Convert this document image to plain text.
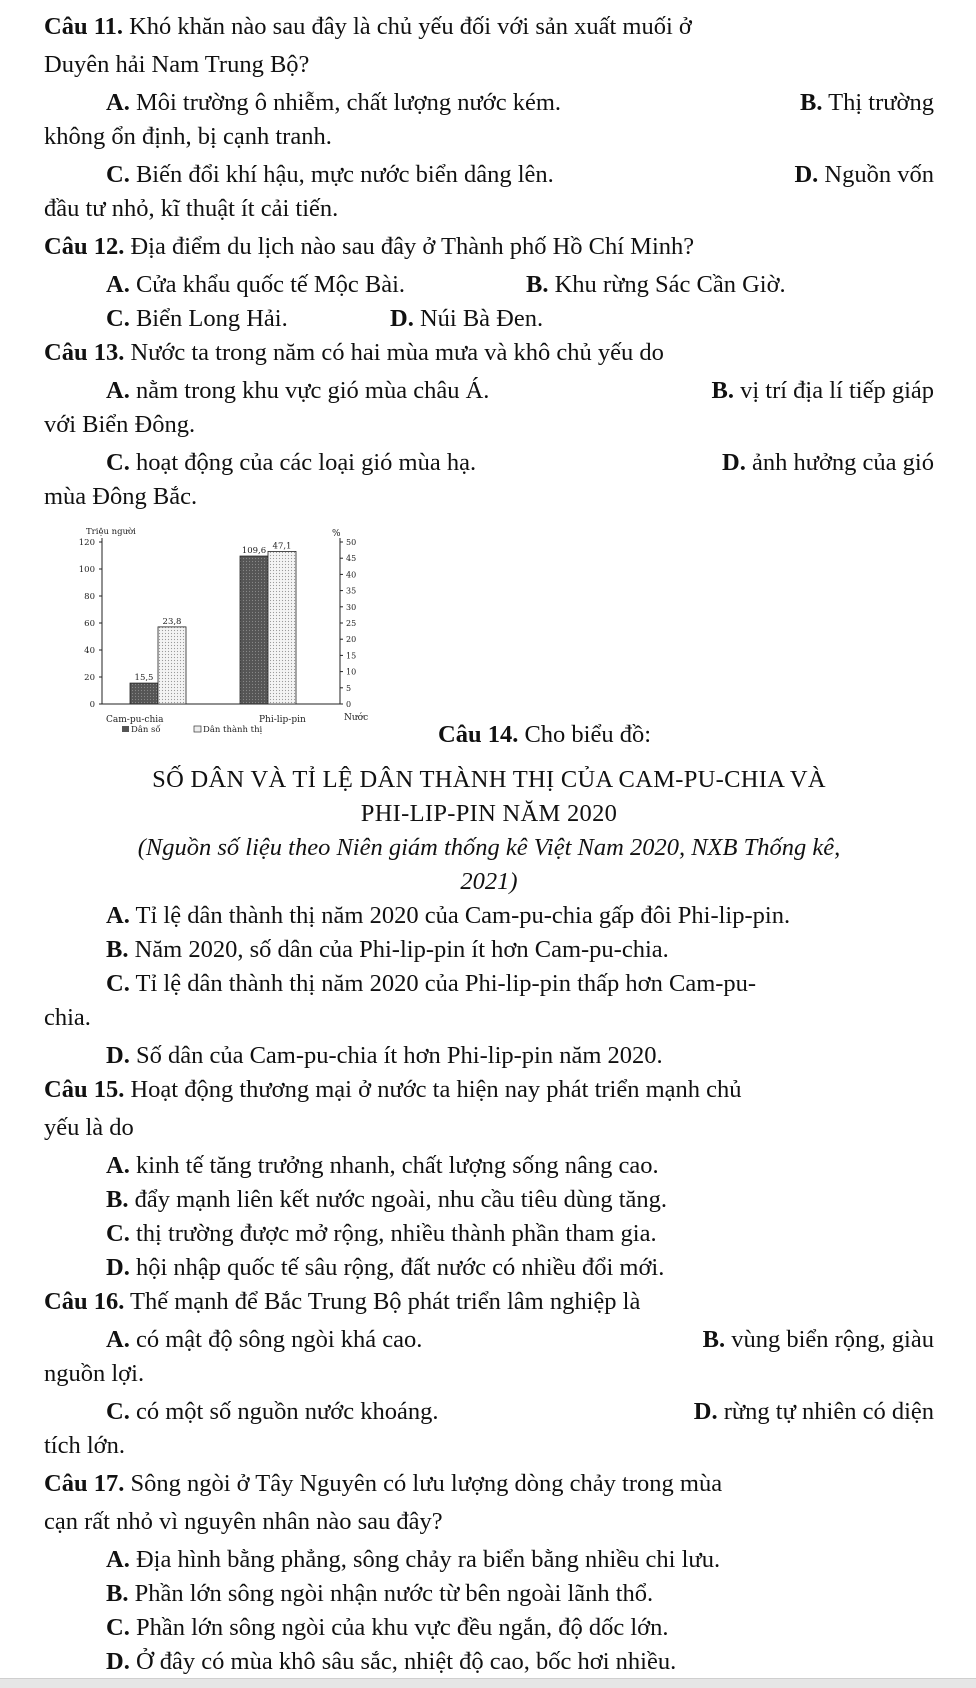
Câu 11. Khó khăn nào sau đây là chủ yếu đối với sản xuất muối ở
Duyên hải Nam Trung Bộ?
A. Môi trường ô nhiễm, chất lượng nước kém.	B. Thị trường
không ổn định, bị cạnh tranh.
C. Biến đổi khí hậu, mực nước biển dâng lên.	D. Nguồn vốn
đầu tư nhỏ, kĩ thuật ít cải tiến.
Câu 12. Địa điểm du lịch nào sau đây ở Thành phố Hồ Chí Minh?
A. Cửa khẩu quốc tế Mộc Bài.	B. Khu rừng Sác Cần Giờ.
C. Biển Long Hải.	D. Núi Bà Đen.
Câu 13. Nước ta trong năm có hai mùa mưa và khô chủ yếu do
A. nằm trong khu vực gió mùa châu Á.	B. vị trí địa lí tiếp giáp
với Biển Đông.
C. hoạt động của các loại gió mùa hạ.	D. ảnh hưởng của gió
mùa Đông Bắc.
Triệu người	%
0
20
40
60
80
100
120
0
5
10
15
20
25
30
35
40
45
50
15,5
23,8
109,6 47,1
Cam-pu-chia	Phi-lip-pin	Nước
Dân số	Dân thành thị	Câu 14. Cho biểu đồ:
SỐ DÂN VÀ TỈ LỆ DÂN THÀNH THỊ CỦA CAM-PU-CHIA VÀ
PHI-LIP-PIN NĂM 2020
(Nguồn số liệu theo Niên giám thống kê Việt Nam 2020, NXB Thống kê,
2021)
A. Tỉ lệ dân thành thị năm 2020 của Cam-pu-chia gấp đôi Phi-lip-pin.
B. Năm 2020, số dân của Phi-lip-pin ít hơn Cam-pu-chia.
C. Tỉ lệ dân thành thị năm 2020 của Phi-lip-pin thấp hơn Cam-pu-
chia.
D. Số dân của Cam-pu-chia ít hơn Phi-lip-pin năm 2020.
Câu 15. Hoạt động thương mại ở nước ta hiện nay phát triển mạnh chủ
yếu là do
A. kinh tế tăng trưởng nhanh, chất lượng sống nâng cao.
B. đẩy mạnh liên kết nước ngoài, nhu cầu tiêu dùng tăng.
C. thị trường được mở rộng, nhiều thành phần tham gia.
D. hội nhập quốc tế sâu rộng, đất nước có nhiều đổi mới.
Câu 16. Thế mạnh để Bắc Trung Bộ phát triển lâm nghiệp là
A. có mật độ sông ngòi khá cao.	B. vùng biển rộng, giàu
nguồn lợi.
C. có một số nguồn nước khoáng.	D. rừng tự nhiên có diện
tích lớn.
Câu 17. Sông ngòi ở Tây Nguyên có lưu lượng dòng chảy trong mùa
cạn rất nhỏ vì nguyên nhân nào sau đây?
A. Địa hình bằng phẳng, sông chảy ra biển bằng nhiều chi lưu.
B. Phần lớn sông ngòi nhận nước từ bên ngoài lãnh thổ.
C. Phần lớn sông ngòi của khu vực đều ngắn, độ dốc lớn.
D. Ở đây có mùa khô sâu sắc, nhiệt độ cao, bốc hơi nhiều.
